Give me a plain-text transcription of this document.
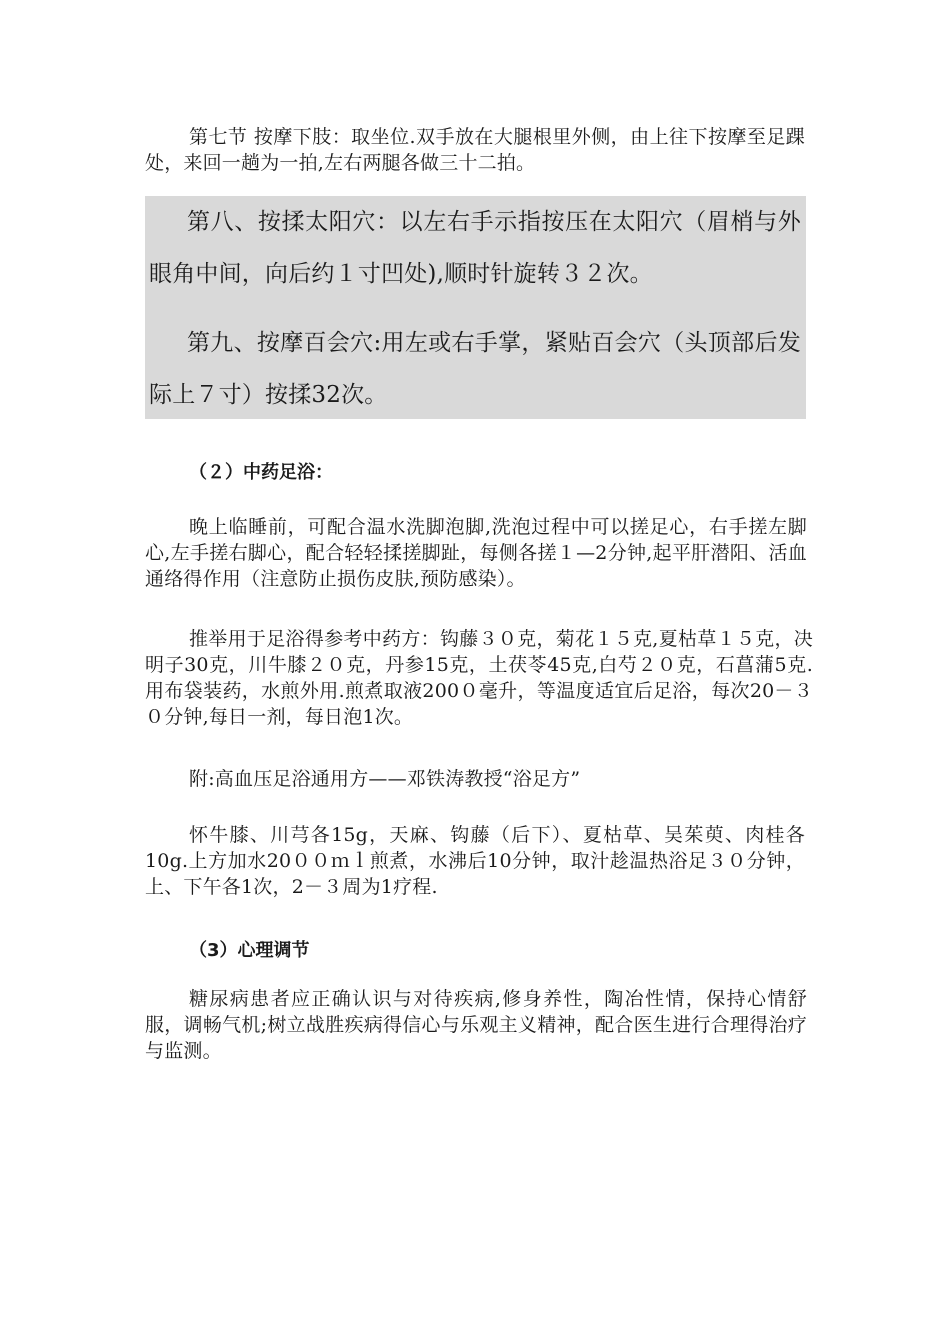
第七节 按摩下肢：取坐位.双手放在大腿根里外侧，由上往下按摩至足踝处，来回一趟为一拍,左右两腿各做三十二拍。

第八、按揉太阳穴：以左右手示指按压在太阳穴（眉梢与外眼角中间，向后约１寸凹处),顺时针旋转３２次。

第九、按摩百会穴:用左或右手掌，紧贴百会穴（头顶部后发际上７寸）按揉32次。

（２）中药足浴：

晚上临睡前，可配合温水洗脚泡脚,洗泡过程中可以搓足心，右手搓左脚心,左手搓右脚心，配合轻轻揉搓脚趾，每侧各搓１—2分钟,起平肝潜阳、活血通络得作用（注意防止损伤皮肤,预防感染）。

推举用于足浴得参考中药方：钩藤３０克，菊花１５克,夏枯草１５克，决明子30克，川牛膝２０克，丹参15克，土茯苓45克,白芍２０克，石菖蒲5克.用布袋装药，水煎外用.煎煮取液200０毫升，等温度适宜后足浴，每次20－３０分钟,每日一剂，每日泡1次。

附:高血压足浴通用方——邓铁涛教授“浴足方”

怀牛膝、川芎各15g，天麻、钩藤（后下）、夏枯草、吴茱萸、肉桂各10g.上方加水20００ｍｌ煎煮，水沸后10分钟，取汁趁温热浴足３０分钟，上、下午各1次，2－３周为1疗程.

（3）心理调节

糖尿病患者应正确认识与对待疾病,修身养性，陶冶性情，保持心情舒服，调畅气机;树立战胜疾病得信心与乐观主义精神，配合医生进行合理得治疗与监测。
